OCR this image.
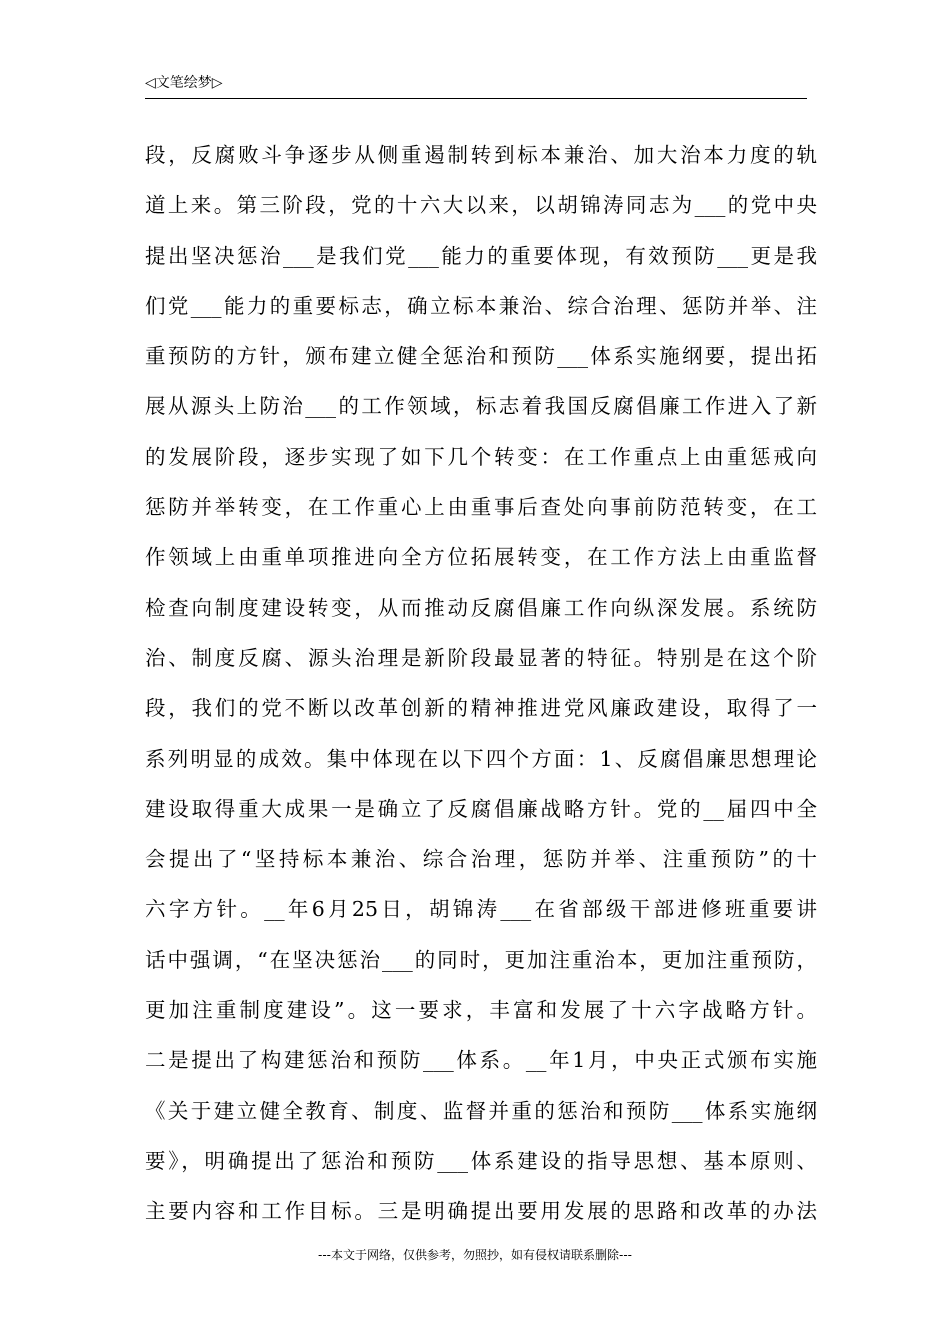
◁文笔绘梦▷
段，反腐败斗争逐步从侧重遏制转到标本兼治、加大治本力度的轨
道上来。第三阶段，党的十六大以来，以胡锦涛同志为___的党中央
提出坚决惩治___是我们党___能力的重要体现，有效预防___更是我
们党___能力的重要标志，确立标本兼治、综合治理、惩防并举、注
重预防的方针，颁布建立健全惩治和预防___体系实施纲要，提出拓
展从源头上防治___的工作领域，标志着我国反腐倡廉工作进入了新
的发展阶段，逐步实现了如下几个转变：在工作重点上由重惩戒向
惩防并举转变，在工作重心上由重事后查处向事前防范转变，在工
作领域上由重单项推进向全方位拓展转变，在工作方法上由重监督
检查向制度建设转变，从而推动反腐倡廉工作向纵深发展。系统防
治、制度反腐、源头治理是新阶段最显著的特征。特别是在这个阶
段，我们的党不断以改革创新的精神推进党风廉政建设，取得了一
系列明显的成效。集中体现在以下四个方面：1、反腐倡廉思想理论
建设取得重大成果一是确立了反腐倡廉战略方针。党的__届四中全
会提出了“坚持标本兼治、综合治理，惩防并举、注重预防”的十
六字方针。__年6月25日，胡锦涛___在省部级干部进修班重要讲
话中强调，“在坚决惩治___的同时，更加注重治本，更加注重预防，
更加注重制度建设”。这一要求，丰富和发展了十六字战略方针。
二是提出了构建惩治和预防___体系。__年1月，中央正式颁布实施
《关于建立健全教育、制度、监督并重的惩治和预防___体系实施纲
要》，明确提出了惩治和预防___体系建设的指导思想、基本原则、
主要内容和工作目标。三是明确提出要用发展的思路和改革的办法
---本文于网络，仅供参考，勿照抄，如有侵权请联系删除---
